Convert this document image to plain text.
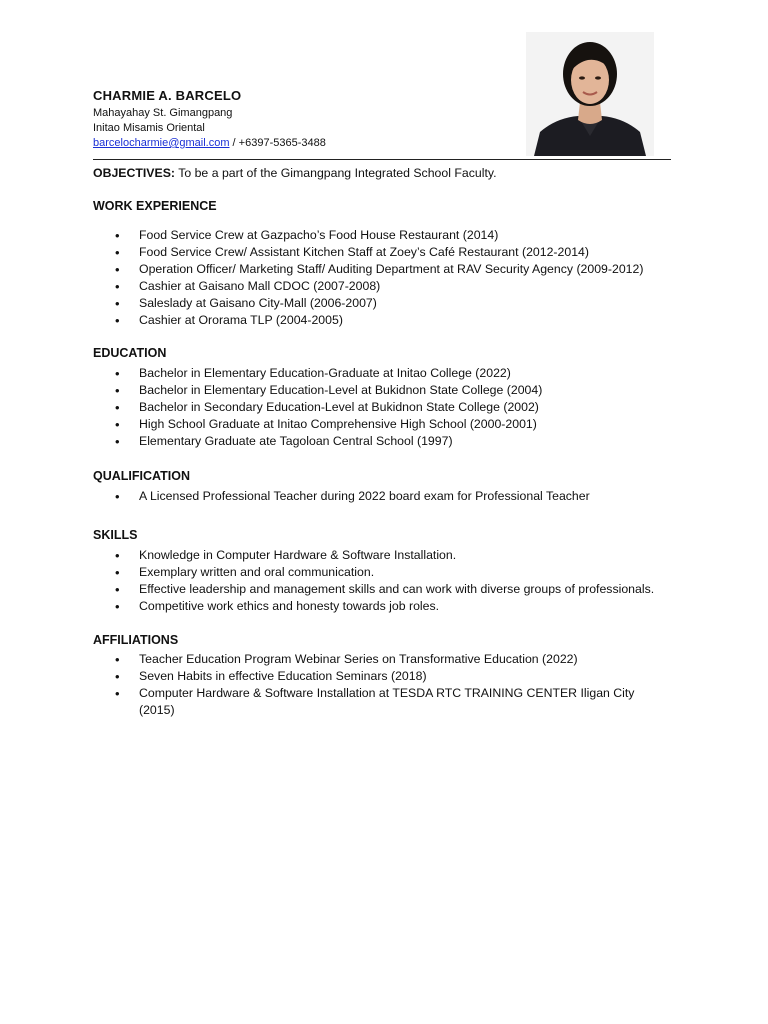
CHARMIE A. BARCELO
Mahayahay St. Gimangpang
Initao Misamis Oriental
barcelocharmie@gmail.com / +6397-5365-3488
OBJECTIVES: To be a part of the Gimangpang Integrated School Faculty.
WORK EXPERIENCE
• Food Service Crew at Gazpacho’s Food House Restaurant (2014)
• Food Service Crew/ Assistant Kitchen Staff at Zoey’s Café Restaurant (2012-2014)
• Operation Officer/ Marketing Staff/ Auditing Department at RAV Security Agency (2009-2012)
• Cashier at Gaisano Mall CDOC (2007-2008)
• Saleslady at Gaisano City-Mall (2006-2007)
• Cashier at Ororama TLP (2004-2005)
EDUCATION
• Bachelor in Elementary Education-Graduate at Initao College (2022)
• Bachelor in Elementary Education-Level at Bukidnon State College (2004)
• Bachelor in Secondary Education-Level at Bukidnon State College (2002)
• High School Graduate at Initao Comprehensive High School (2000-2001)
• Elementary Graduate ate Tagoloan Central School (1997)
QUALIFICATION
• A Licensed Professional Teacher during 2022 board exam for Professional Teacher
SKILLS
• Knowledge in Computer Hardware & Software Installation.
• Exemplary written and oral communication.
• Effective leadership and management skills and can work with diverse groups of professionals.
• Competitive work ethics and honesty towards job roles.
AFFILIATIONS
• Teacher Education Program Webinar Series on Transformative Education (2022)
• Seven Habits in effective Education Seminars (2018)
• Computer Hardware & Software Installation at TESDA RTC TRAINING CENTER Iligan City (2015)
